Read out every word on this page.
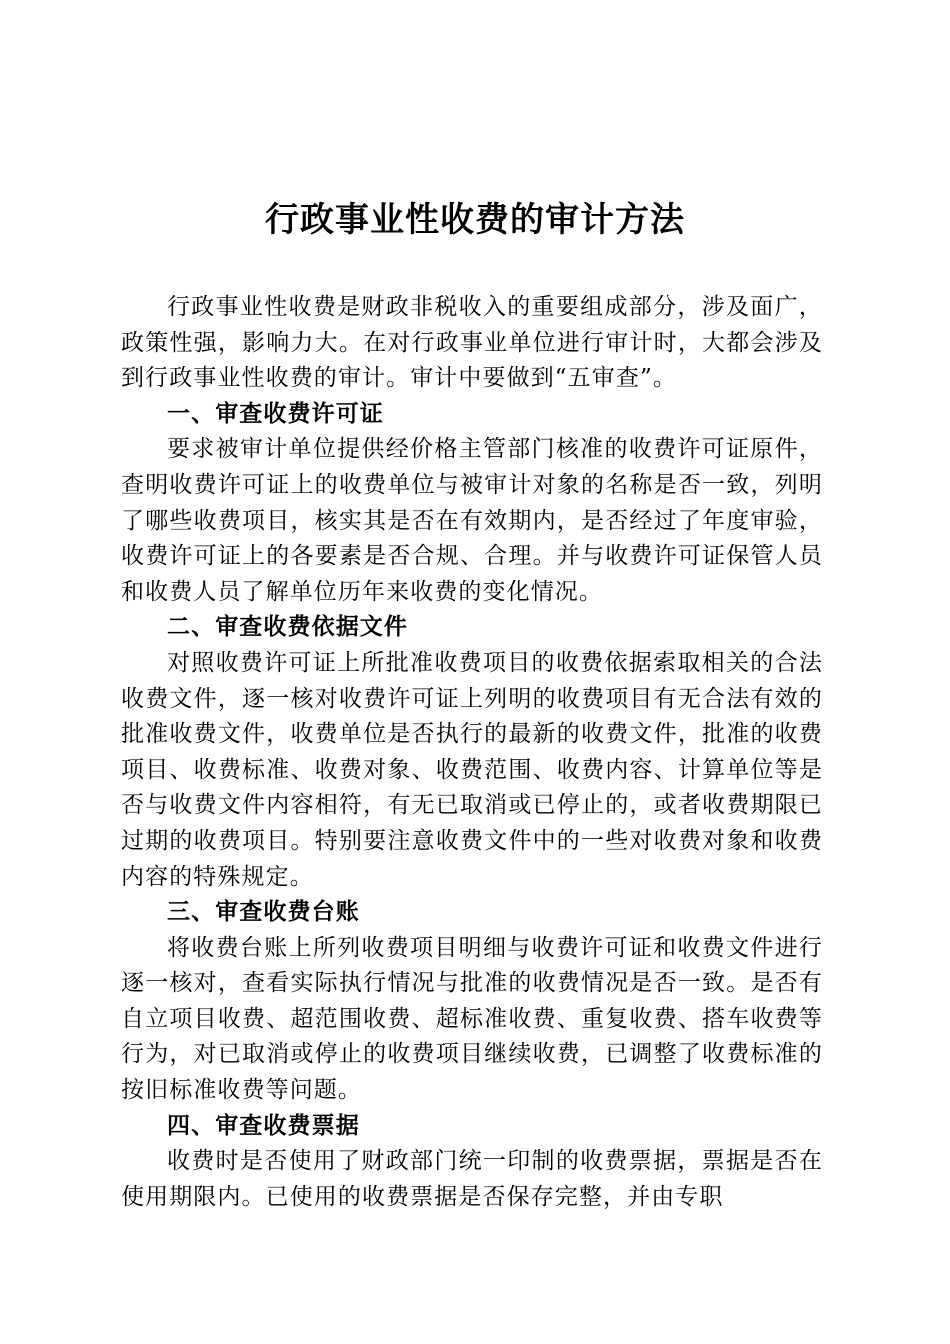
行政事业性收费的审计方法

行政事业性收费是财政非税收入的重要组成部分，涉及面广，政策性强，影响力大。在对行政事业单位进行审计时，大都会涉及到行政事业性收费的审计。审计中要做到“五审查”。

一、审查收费许可证

要求被审计单位提供经价格主管部门核准的收费许可证原件，查明收费许可证上的收费单位与被审计对象的名称是否一致，列明了哪些收费项目，核实其是否在有效期内，是否经过了年度审验，收费许可证上的各要素是否合规、合理。并与收费许可证保管人员和收费人员了解单位历年来收费的变化情况。

二、审查收费依据文件

对照收费许可证上所批准收费项目的收费依据索取相关的合法收费文件，逐一核对收费许可证上列明的收费项目有无合法有效的批准收费文件，收费单位是否执行的最新的收费文件，批准的收费项目、收费标准、收费对象、收费范围、收费内容、计算单位等是否与收费文件内容相符，有无已取消或已停止的，或者收费期限已过期的收费项目。特别要注意收费文件中的一些对收费对象和收费内容的特殊规定。

三、审查收费台账

将收费台账上所列收费项目明细与收费许可证和收费文件进行逐一核对，查看实际执行情况与批准的收费情况是否一致。是否有自立项目收费、超范围收费、超标准收费、重复收费、搭车收费等行为，对已取消或停止的收费项目继续收费，已调整了收费标准的按旧标准收费等问题。

四、审查收费票据

收费时是否使用了财政部门统一印制的收费票据，票据是否在使用期限内。已使用的收费票据是否保存完整，并由专职
